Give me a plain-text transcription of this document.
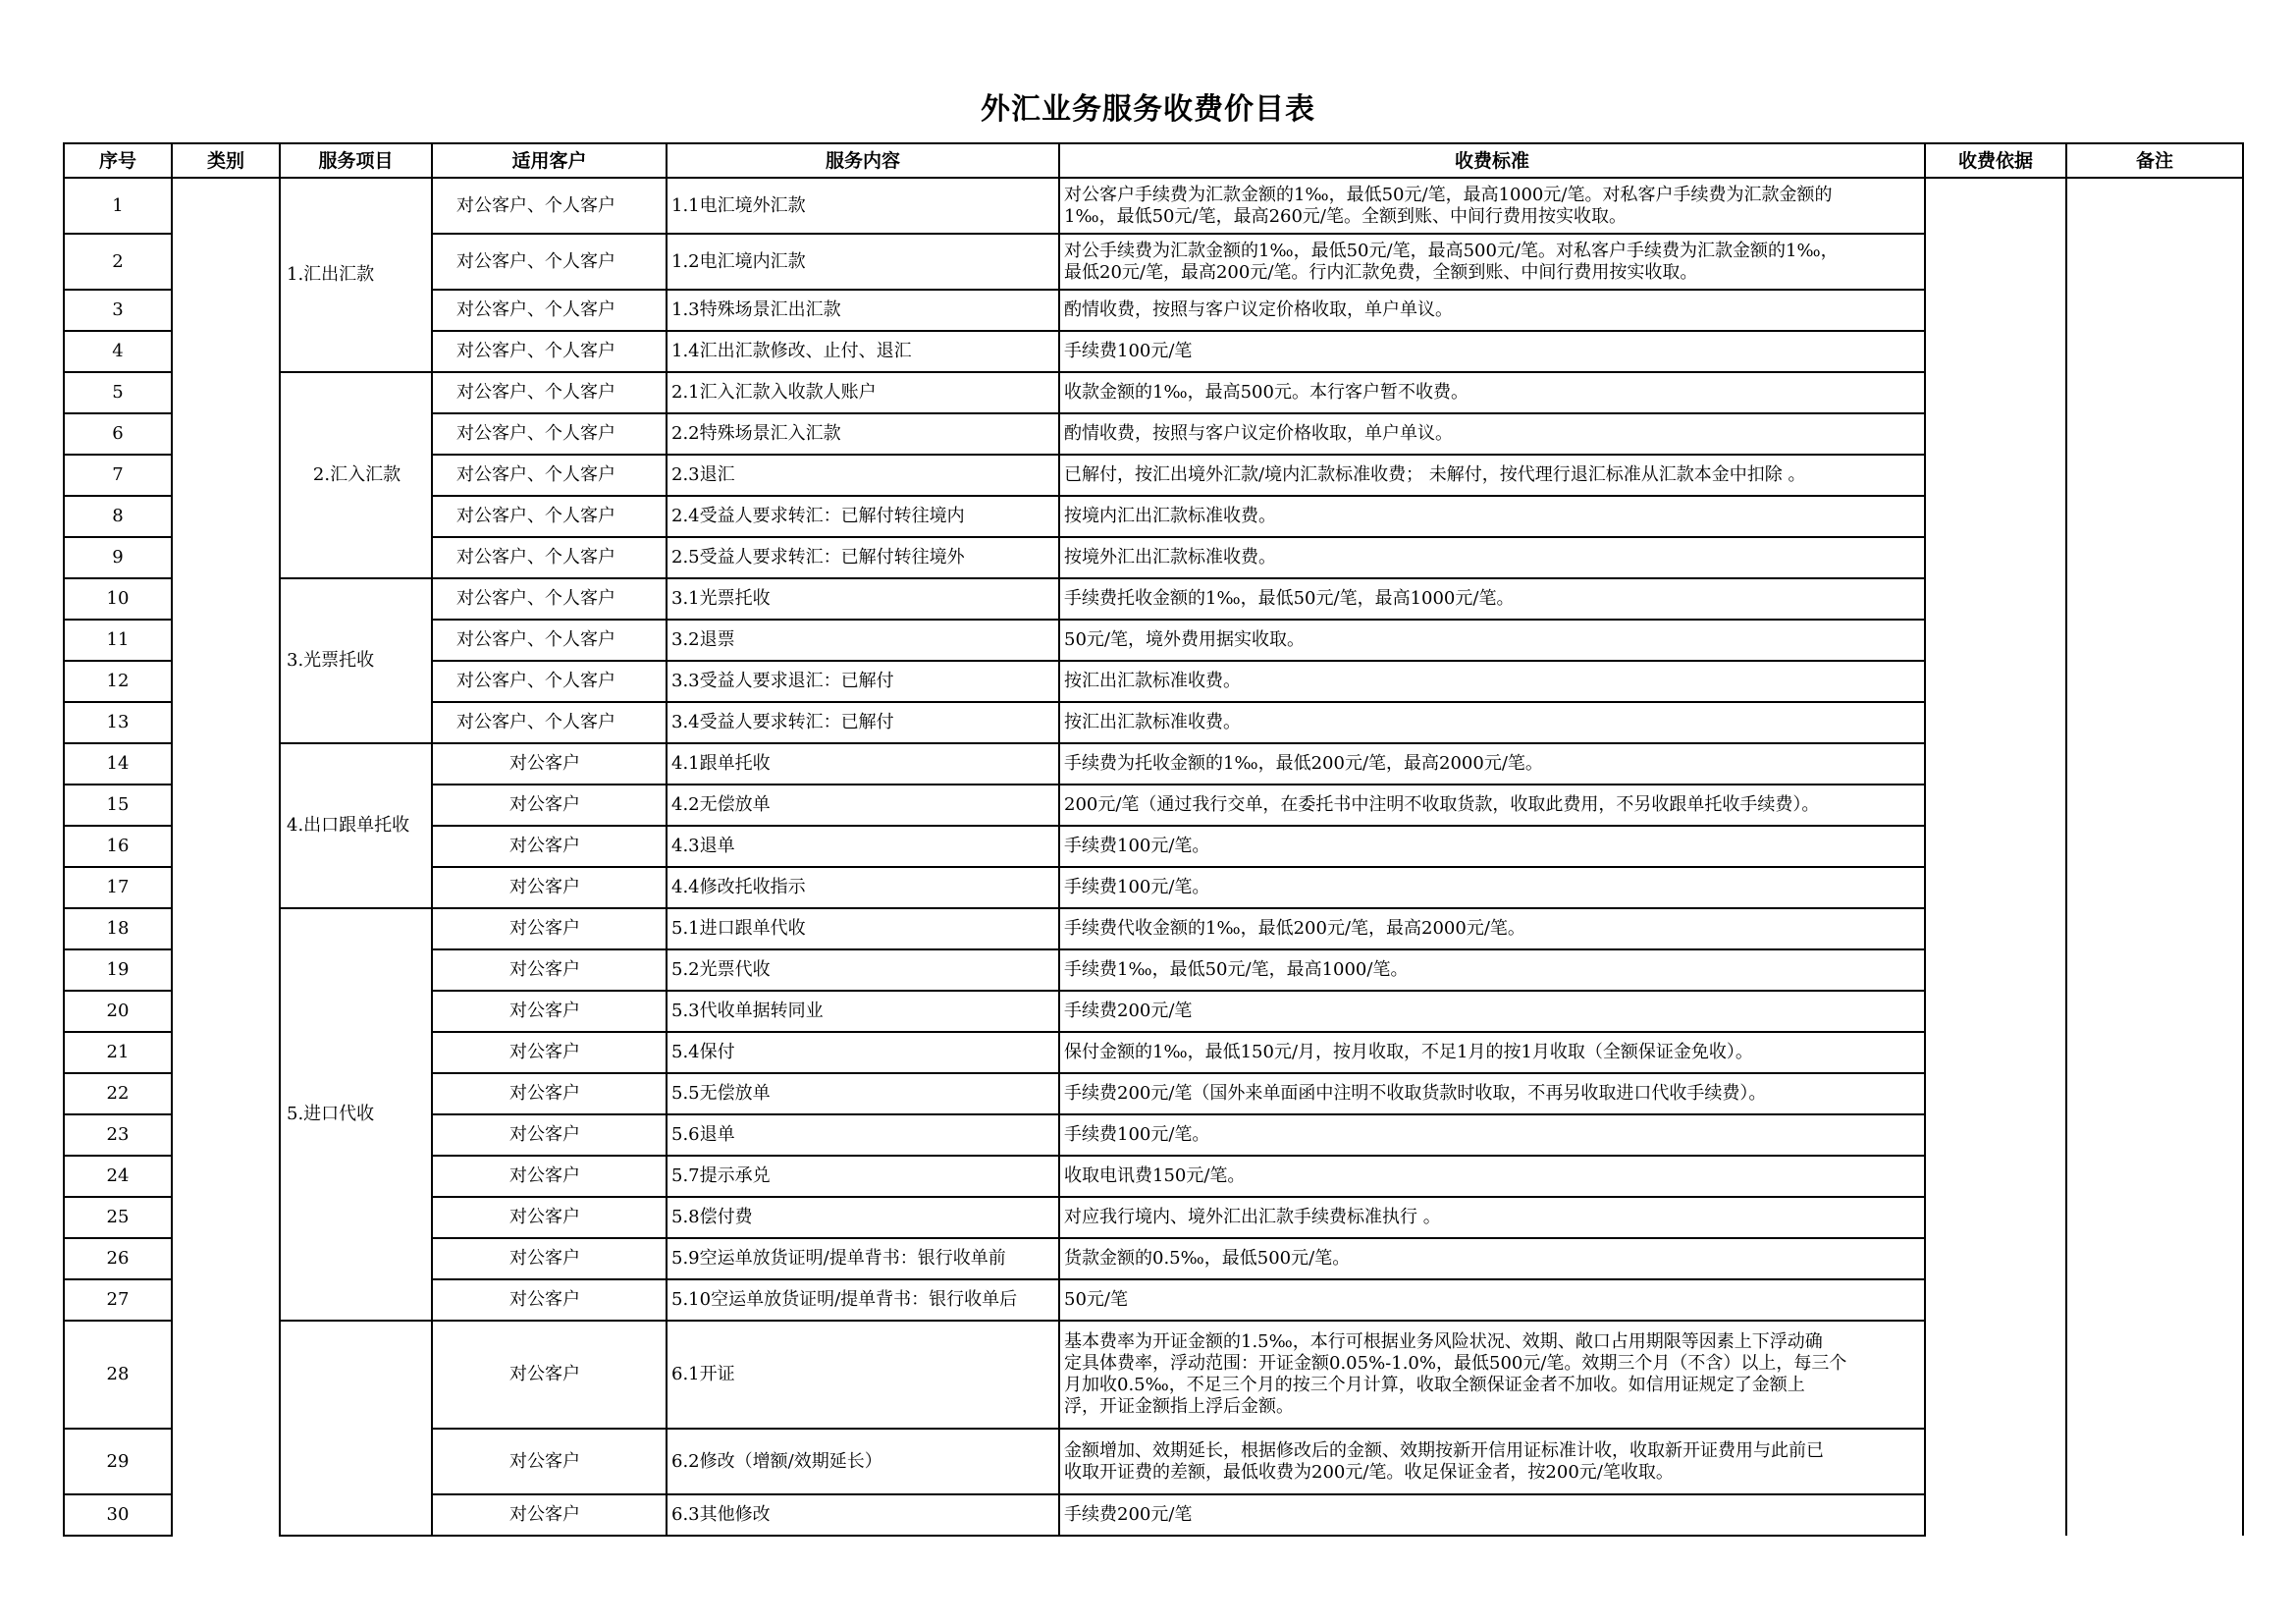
外汇业务服务收费价目表
序号	类别	服务项目	适用客户	服务内容	收费标准	收费依据	备注
1		1.汇出汇款	对公客户、个人客户	1.1电汇境外汇款	对公客户手续费为汇款金额的1‰，最低50元/笔，最高1000元/笔。对私客户手续费为汇款金额的
1‰，最低50元/笔，最高260元/笔。全额到账、中间行费用按实收取。		
2			对公客户、个人客户	1.2电汇境内汇款	对公手续费为汇款金额的1‰，最低50元/笔，最高500元/笔。对私客户手续费为汇款金额的1‰，
最低20元/笔，最高200元/笔。行内汇款免费，全额到账、中间行费用按实收取。		
3			对公客户、个人客户	1.3特殊场景汇出汇款	酌情收费，按照与客户议定价格收取，单户单议。		
4			对公客户、个人客户	1.4汇出汇款修改、止付、退汇	手续费100元/笔		
5		2.汇入汇款	对公客户、个人客户	2.1汇入汇款入收款人账户	收款金额的1‰，最高500元。本行客户暂不收费。		
6			对公客户、个人客户	2.2特殊场景汇入汇款	酌情收费，按照与客户议定价格收取，单户单议。		
7			对公客户、个人客户	2.3退汇	已解付，按汇出境外汇款/境内汇款标准收费； 未解付，按代理行退汇标准从汇款本金中扣除 。		
8			对公客户、个人客户	2.4受益人要求转汇：已解付转往境内	按境内汇出汇款标准收费。		
9			对公客户、个人客户	2.5受益人要求转汇：已解付转往境外	按境外汇出汇款标准收费。		
10		3.光票托收	对公客户、个人客户	3.1光票托收	手续费托收金额的1‰，最低50元/笔，最高1000元/笔。		
11			对公客户、个人客户	3.2退票	50元/笔，境外费用据实收取。		
12			对公客户、个人客户	3.3受益人要求退汇：已解付	按汇出汇款标准收费。		
13			对公客户、个人客户	3.4受益人要求转汇：已解付	按汇出汇款标准收费。		
14		4.出口跟单托收	对公客户	4.1跟单托收	手续费为托收金额的1‰，最低200元/笔，最高2000元/笔。		
15			对公客户	4.2无偿放单	200元/笔（通过我行交单，在委托书中注明不收取货款，收取此费用，不另收跟单托收手续费）。		
16			对公客户	4.3退单	手续费100元/笔。		
17			对公客户	4.4修改托收指示	手续费100元/笔。		
18		5.进口代收	对公客户	5.1进口跟单代收	手续费代收金额的1‰，最低200元/笔，最高2000元/笔。		
19			对公客户	5.2光票代收	手续费1‰，最低50元/笔，最高1000/笔。		
20			对公客户	5.3代收单据转同业	手续费200元/笔		
21			对公客户	5.4保付	保付金额的1‰，最低150元/月，按月收取，不足1月的按1月收取（全额保证金免收）。		
22			对公客户	5.5无偿放单	手续费200元/笔（国外来单面函中注明不收取货款时收取，不再另收取进口代收手续费）。		
23			对公客户	5.6退单	手续费100元/笔。		
24			对公客户	5.7提示承兑	收取电讯费150元/笔。		
25			对公客户	5.8偿付费	对应我行境内、境外汇出汇款手续费标准执行 。		
26			对公客户	5.9空运单放货证明/提单背书：银行收单前	货款金额的0.5‰，最低500元/笔。		
27			对公客户	5.10空运单放货证明/提单背书：银行收单后	50元/笔		
28			对公客户	6.1开证	基本费率为开证金额的1.5‰，本行可根据业务风险状况、效期、敞口占用期限等因素上下浮动确
定具体费率，浮动范围：开证金额0.05%-1.0%，最低500元/笔。效期三个月（不含）以上，每三个
月加收0.5‰，不足三个月的按三个月计算，收取全额保证金者不加收。如信用证规定了金额上
浮，开证金额指上浮后金额。		
29			对公客户	6.2修改（增额/效期延长）	金额增加、效期延长，根据修改后的金额、效期按新开信用证标准计收，收取新开证费用与此前已
收取开证费的差额，最低收费为200元/笔。收足保证金者，按200元/笔收取。		
30			对公客户	6.3其他修改	手续费200元/笔		
